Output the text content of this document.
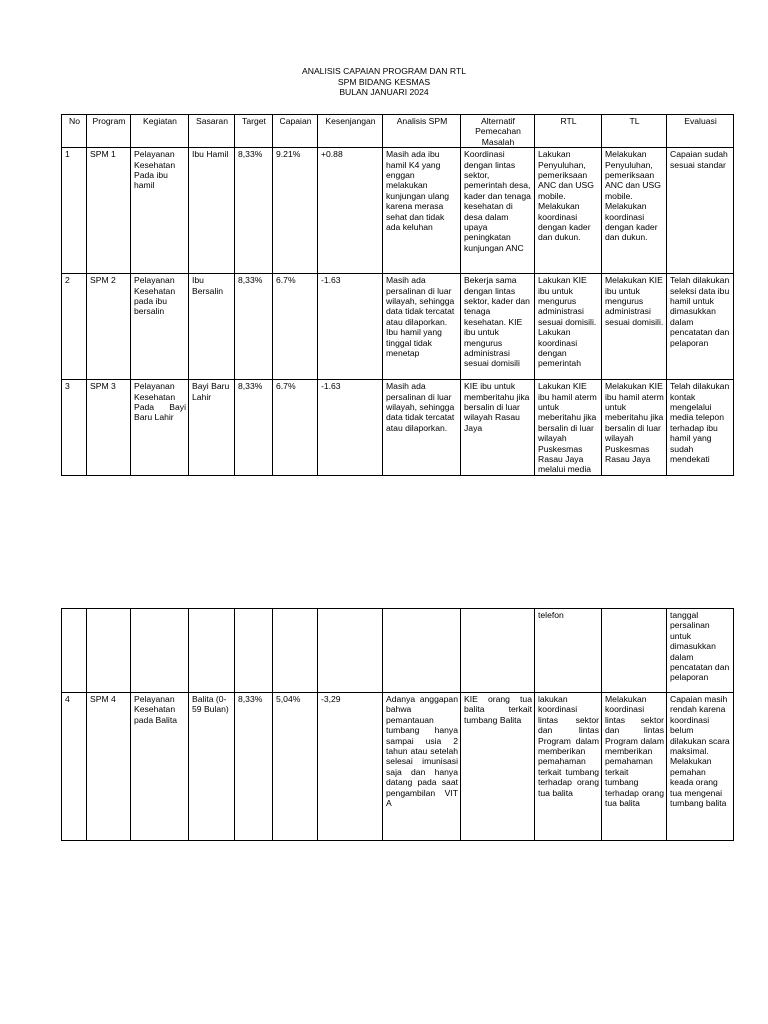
ANALISIS CAPAIAN PROGRAM DAN RTL
SPM BIDANG KESMAS
BULAN JANUARI 2024
No	Program	Kegiatan	Sasaran	Target	Capaian	Kesenjangan	Analisis SPM	Alternatif Pemecahan Masalah	RTL	TL	Evaluasi
1	SPM 1	Pelayanan Kesehatan Pada ibu hamil	Ibu Hamil	8,33%	9.21%	+0.88	Masih ada ibu hamil K4 yang enggan melakukan kunjungan ulang karena merasa sehat dan tidak ada keluhan	Koordinasi dengan lintas sektor, pemerintah desa, kader dan tenaga kesehatan di desa dalam upaya peningkatan kunjungan ANC	Lakukan Penyuluhan, pemeriksaan ANC dan USG mobile. Melakukan koordinasi dengan kader dan dukun.	Melakukan Penyuluhan, pemeriksaan ANC dan USG mobile. Melakukan koordinasi dengan kader dan dukun.	Capaian sudah sesuai standar
2	SPM 2	Pelayanan Kesehatan pada ibu bersalin	Ibu Bersalin	8,33%	6.7%	-1.63	Masih ada persalinan di luar wilayah, sehingga data tidak tercatat atau dilaporkan. Ibu hamil yang tinggal tidak menetap	Bekerja sama dengan lintas sektor, kader dan tenaga kesehatan. KIE ibu untuk mengurus administrasi sesuai domisili	Lakukan KIE ibu untuk mengurus administrasi sesuai domisili. Lakukan koordinasi dengan pemerintah	Melakukan KIE ibu untuk mengurus administrasi sesuai domisili.	Telah dilakukan seleksi data ibu hamil untuk dimasukkan dalam pencatatan dan pelaporan
3	SPM 3	Pelayanan Kesehatan Pada Bayi Baru Lahir	Bayi Baru Lahir	8,33%	6.7%	-1.63	Masih ada persalinan di luar wilayah, sehingga data tidak tercatat atau dilaporkan.	KIE ibu untuk memberitahu jika bersalin di luar wilayah Rasau Jaya	Lakukan KIE ibu hamil aterm untuk meberitahu jika bersalin di luar wilayah Puskesmas Rasau Jaya melalui media	Melakukan KIE ibu hamil aterm untuk meberitahu jika bersalin di luar wilayah Puskesmas Rasau Jaya	Telah dilakukan kontak mengelalui media telepon terhadap ibu hamil yang sudah mendekati
									telefon		tanggal persalinan untuk dimasukkan dalam pencatatan dan pelaporan
4	SPM 4	Pelayanan Kesehatan pada Balita	Balita (0-59 Bulan)	8,33%	5,04%	-3,29	Adanya anggapan bahwa pemantauan tumbang hanya sampai usia 2 tahun atau setelah selesai imunisasi saja dan hanya datang pada saat pengambilan VIT A	KIE orang tua balita terkait tumbang Balita	lakukan koordinasi lintas sektor dan lintas Program dalam memberikan pemahaman terkait tumbang terhadap orang tua balita	Melakukan koordinasi lintas sektor dan lintas Program dalam memberikan pemahaman terkait tumbang terhadap orang tua balita	Capaian masih rendah karena koordinasi belum dilakukan scara maksimal. Melakukan pemahan keada orang tua mengenai tumbang balita
